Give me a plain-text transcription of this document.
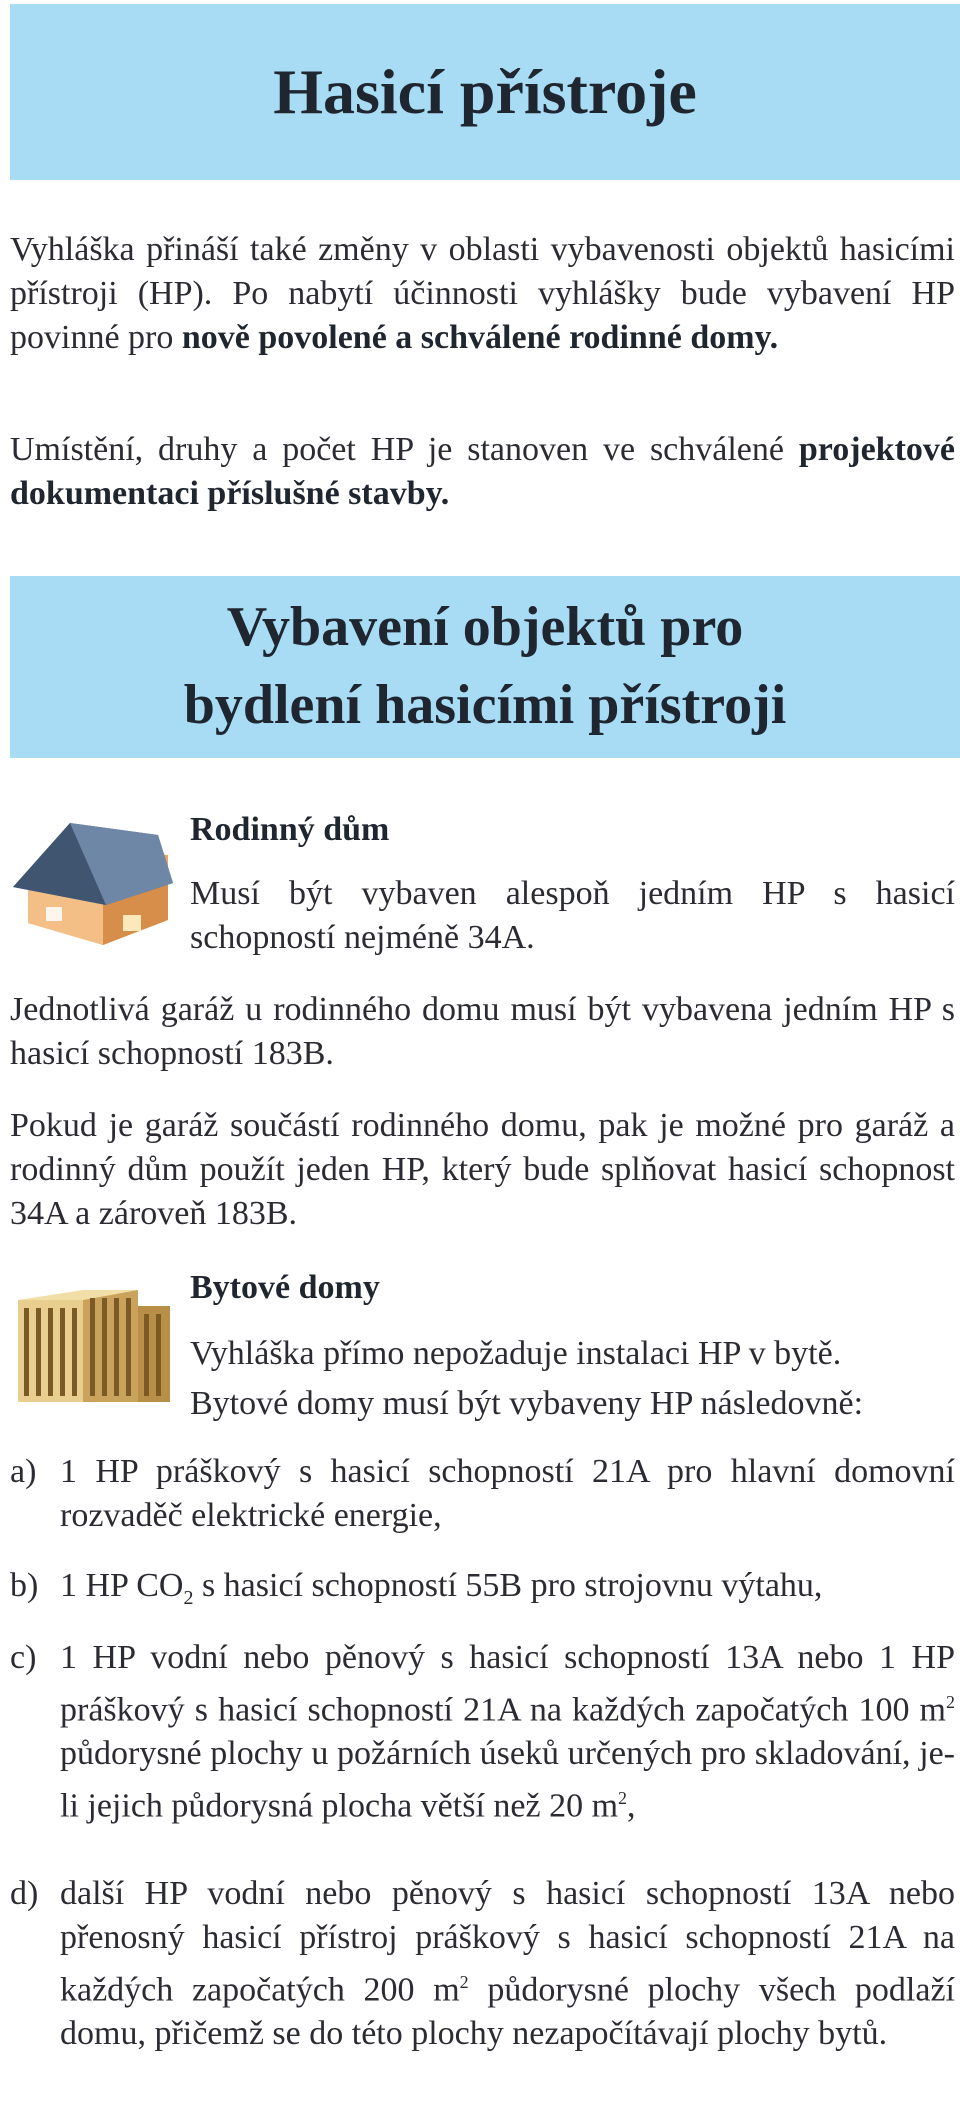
Hasicí přístroje
Vyhláška přináší také změny v oblasti vybavenosti objektů hasicími přístroji (HP). Po nabytí účinnosti vyhlášky bude vybavení HP povinné pro nově povolené a schválené rodinné domy.
Umístění, druhy a počet HP je stanoven ve schválené projektové dokumentaci příslušné stavby.
Vybavení objektů pro
bydlení hasicími přístroji
Rodinný dům
Musí být vybaven alespoň jedním HP s hasicí schopností nejméně 34A.
Jednotlivá garáž u rodinného domu musí být vybavena jedním HP s hasicí schopností 183B.
Pokud je garáž součástí rodinného domu, pak je možné pro garáž a rodinný dům použít jeden HP, který bude splňovat hasicí schopnost 34A a zároveň 183B.
Bytové domy
Vyhláška přímo nepožaduje instalaci HP v bytě.
Bytové domy musí být vybaveny HP následovně:
a) 1 HP práškový s hasicí schopností 21A pro hlavní domovní rozvaděč elektrické energie,
b) 1 HP $CO_2$ s hasicí schopností 55B pro strojovnu výtahu,
c) 1 HP vodní nebo pěnový s hasicí schopností 13A nebo 1 HP práškový s hasicí schopností 21A na každých započatých 100 $m^2$ půdorysné plochy u požárních úseků určených pro skladování, je-li jejich půdorysná plocha větší než 20 $m^2$,
d) další HP vodní nebo pěnový s hasicí schopností 13A nebo přenosný hasicí přístroj práškový s hasicí schopností 21A na každých započatých 200 $m^2$ půdorysné plochy všech podlaží domu, přičemž se do této plochy nezapočítávají plochy bytů.
